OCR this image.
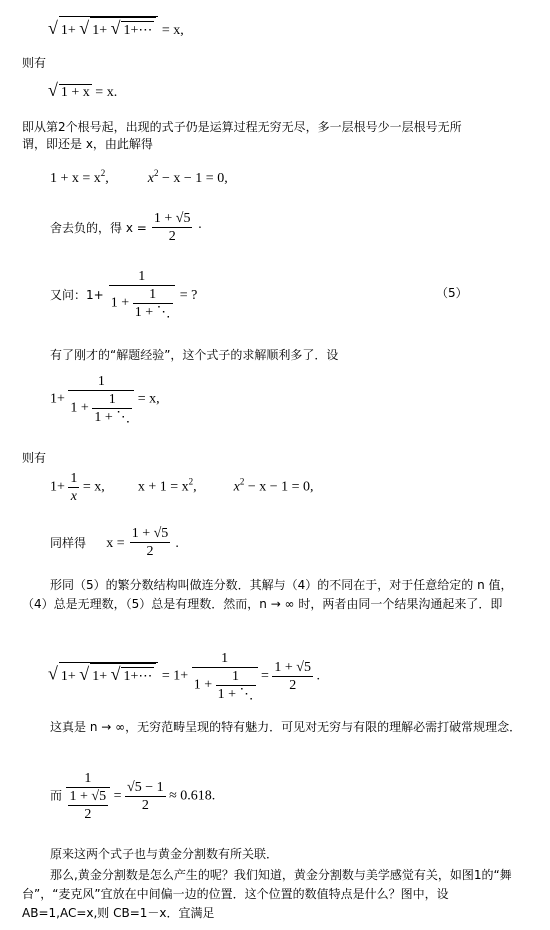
√ 1+ √ 1+ √ 1+⋯ = x,
则有
√ 1 + x = x.
即从第2个根号起，出现的式子仍是运算过程无穷无尽，多一层根号少一层根号无所
谓，即还是 x，由此解得
$1 + x = x^2$,	$x^2 - x - 1 = 0$,
舍去负的，得 $x = \frac{1 + √5}{2}$ ·
又问：$1+ \frac{1}{1 + \frac{1}{1 + ⋱}}$ = ?	（5）
有了刚才的“解题经验”，这个式子的求解顺利多了．设
$1+ \frac{1}{1 + \frac{1}{1 + ⋱}} = x$,
则有
$1+ \frac{1}{x} = x$, $x + 1 = x^2$,	$x^2 - x - 1 = 0$,
同样得 $x = \frac{1 + √5}{2}$ .
形同（5）的繁分数结构叫做连分数．其解与（4）的不同在于，对于任意给定的 n 值，（4）总是无理数，（5）总是有理数．然而，n → ∞ 时，两者由同一个结果沟通起来了．即
√ 1+ √ 1+ √ 1+⋯ = $1+ \frac{1}{1 + \frac{1}{1 + ⋱}} = \frac{1 + √5}{2}$ .
这真是 n → ∞，无穷范畴呈现的特有魅力．可见对无穷与有限的理解必需打破常规理念．
而 $\frac{1}{\frac{1 + √5}{2}} = \frac{√5 - 1}{2} \approx 0.618$.
原来这两个式子也与黄金分割数有所关联．
那么,黄金分割数是怎么产生的呢？我们知道，黄金分割数与美学感觉有关，如图1的“舞台”，“麦克风”宜放在中间偏一边的位置．这个位置的数值特点是什么？图中，设 AB=1,AC=x,则 CB=1－x．宜满足
